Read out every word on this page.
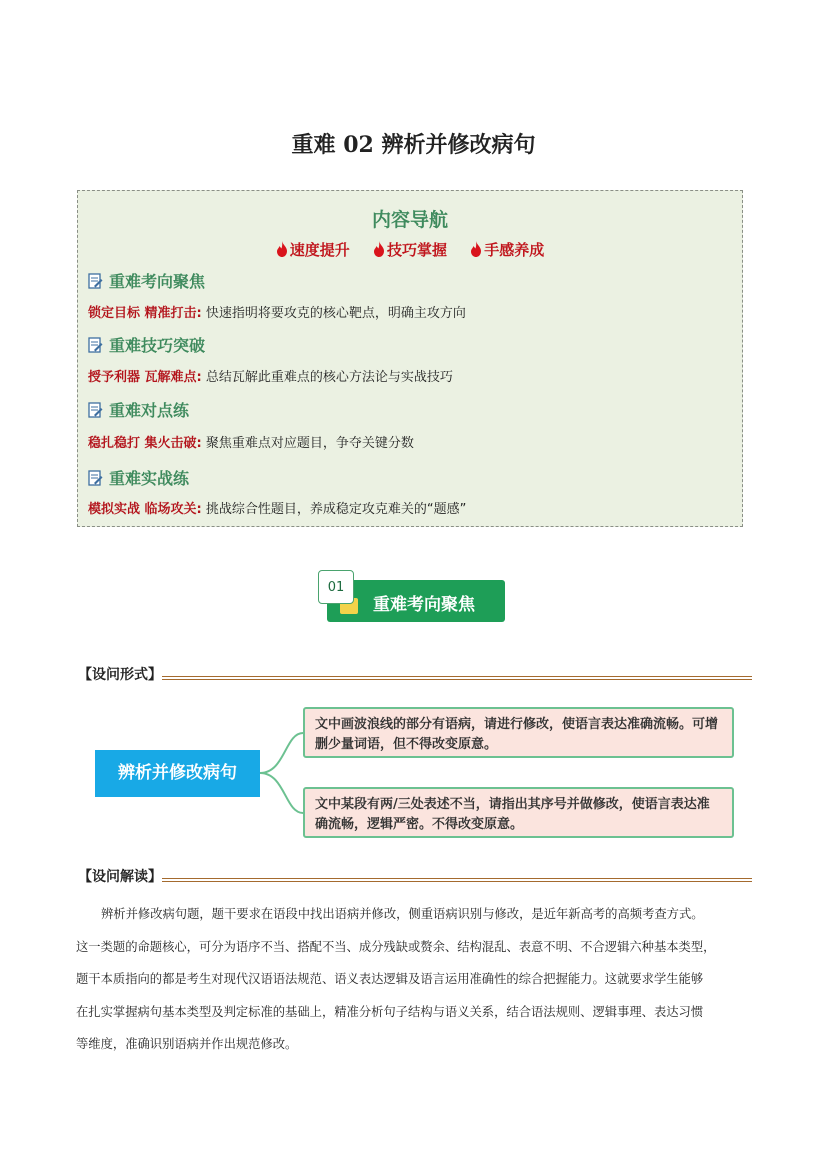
重难 02 辨析并修改病句
内容导航
速度提升 技巧掌握 手感养成
重难考向聚焦
锁定目标 精准打击: 快速指明将要攻克的核心靶点，明确主攻方向
重难技巧突破
授予利器 瓦解难点: 总结瓦解此重难点的核心方法论与实战技巧
重难对点练
稳扎稳打 集火击破: 聚焦重难点对应题目，争夺关键分数
重难实战练
模拟实战 临场攻关: 挑战综合性题目，养成稳定攻克难关的“题感”
01
重难考向聚焦
【设问形式】
辨析并修改病句
文中画波浪线的部分有语病，请进行修改，使语言表达准确流畅。可增删少量词语，但不得改变原意。
文中某段有两/三处表述不当，请指出其序号并做修改，使语言表达准确流畅，逻辑严密。不得改变原意。
【设问解读】

辨析并修改病句题，题干要求在语段中找出语病并修改，侧重语病识别与修改，是近年新高考的高频考查方式。
这一类题的命题核心，可分为语序不当、搭配不当、成分残缺或赘余、结构混乱、表意不明、不合逻辑六种基本类型，
题干本质指向的都是考生对现代汉语语法规范、语义表达逻辑及语言运用准确性的综合把握能力。这就要求学生能够
在扎实掌握病句基本类型及判定标准的基础上，精准分析句子结构与语义关系，结合语法规则、逻辑事理、表达习惯
等维度，准确识别语病并作出规范修改。
